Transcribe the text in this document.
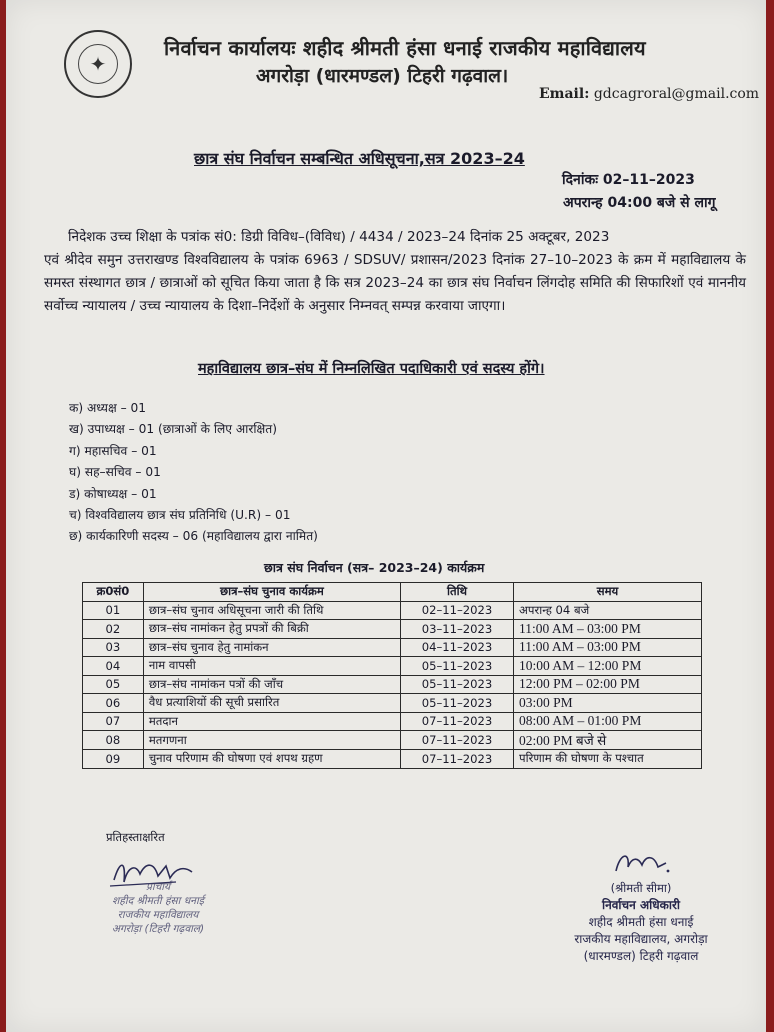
✦
निर्वाचन कार्यालयः शहीद श्रीमती हंसा धनाई राजकीय महाविद्यालय
अगरोड़ा (धारमण्डल) टिहरी गढ़वाल।
Email: gdcagroral@gmail.com
छात्र संघ निर्वाचन सम्बन्धित अधिसूचना,सत्र 2023–24
दिनांकः 02–11–2023
अपरान्ह 04:00 बजे से लागू
निदेशक उच्च शिक्षा के पत्रांक सं0: डिग्री विविध–(विविध) / 4434 / 2023–24 दिनांक 25 अक्टूबर, 2023
एवं श्रीदेव समुन उत्तराखण्ड विश्वविद्यालय के पत्रांक 6963 / SDSUV/ प्रशासन/2023 दिनांक 27–10–2023 के क्रम में महाविद्यालय के समस्त संस्थागत छात्र / छात्राओं को सूचित किया जाता है कि सत्र 2023–24 का छात्र संघ निर्वाचन लिंगदोह समिति की सिफारिशों एवं माननीय सर्वोच्च न्यायालय / उच्च न्यायालय के दिशा–निर्देशों के अनुसार निम्नवत् सम्पन्न करवाया जाएगा।
महाविद्यालय छात्र–संघ में निम्नलिखित पदाधिकारी एवं सदस्य होंगे।
क) अध्यक्ष – 01
ख) उपाध्यक्ष – 01 (छात्राओं के लिए आरक्षित)
ग) महासचिव – 01
घ) सह–सचिव – 01
ड) कोषाध्यक्ष – 01
च) विश्वविद्यालय छात्र संघ प्रतिनिधि (U.R) – 01
छ) कार्यकारिणी सदस्य – 06 (महाविद्यालय द्वारा नामित)
छात्र संघ निर्वाचन (सत्र– 2023–24) कार्यक्रम
क्र0सं0	छात्र–संघ चुनाव कार्यक्रम	तिथि	समय
01	छात्र–संघ चुनाव अधिसूचना जारी की तिथि	02–11–2023	अपरान्ह 04 बजे
02	छात्र–संघ नामांकन हेतु प्रपत्रों की बिक्री	03–11–2023	11:00 AM – 03:00 PM
03	छात्र–संघ चुनाव हेतु नामांकन	04–11–2023	11:00 AM – 03:00 PM
04	नाम वापसी	05–11–2023	10:00 AM – 12:00 PM
05	छात्र–संघ नामांकन पत्रों की जाँच	05–11–2023	12:00 PM – 02:00 PM
06	वैध प्रत्याशियों की सूची प्रसारित	05–11–2023	03:00 PM
07	मतदान	07–11–2023	08:00 AM – 01:00 PM
08	मतगणना	07–11–2023	02:00 PM बजे से
09	चुनाव परिणाम की घोषणा एवं शपथ ग्रहण	07–11–2023	परिणाम की घोषणा के पश्चात
प्रतिहस्ताक्षरित
प्राचार्य
शहीद श्रीमती हंसा धनाई
राजकीय महाविद्यालय
अगरोड़ा (टिहरी गढ़वाल)
(श्रीमती सीमा)
निर्वाचन अधिकारी
शहीद श्रीमती हंसा धनाई
राजकीय महाविद्यालय, अगरोड़ा
(धारमण्डल) टिहरी गढ़वाल
